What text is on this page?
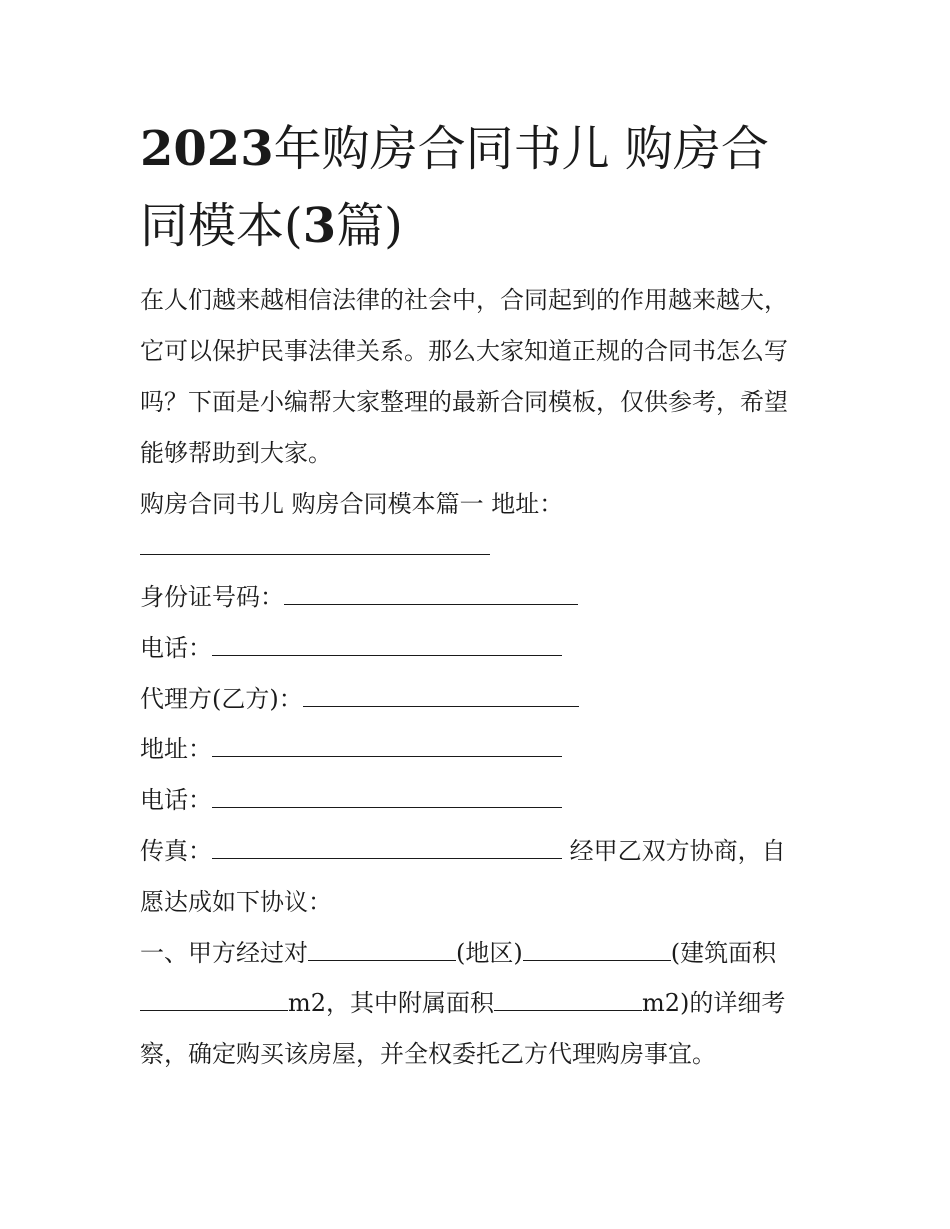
2023年购房合同书儿 购房合
同模本(3篇)
在人们越来越相信法律的社会中，合同起到的作用越来越大，
它可以保护民事法律关系。那么大家知道正规的合同书怎么写
吗？下面是小编帮大家整理的最新合同模板，仅供参考，希望
能够帮助到大家。
购房合同书儿 购房合同模本篇一 地址：
身份证号码：
电话：
代理方(乙方)：
地址：
电话：
传真：	经甲乙双方协商，自
愿达成如下协议：
一、甲方经过对	(地区)	(建筑面积
m2，其中附属面积	m2)的详细考
察，确定购买该房屋，并全权委托乙方代理购房事宜。
